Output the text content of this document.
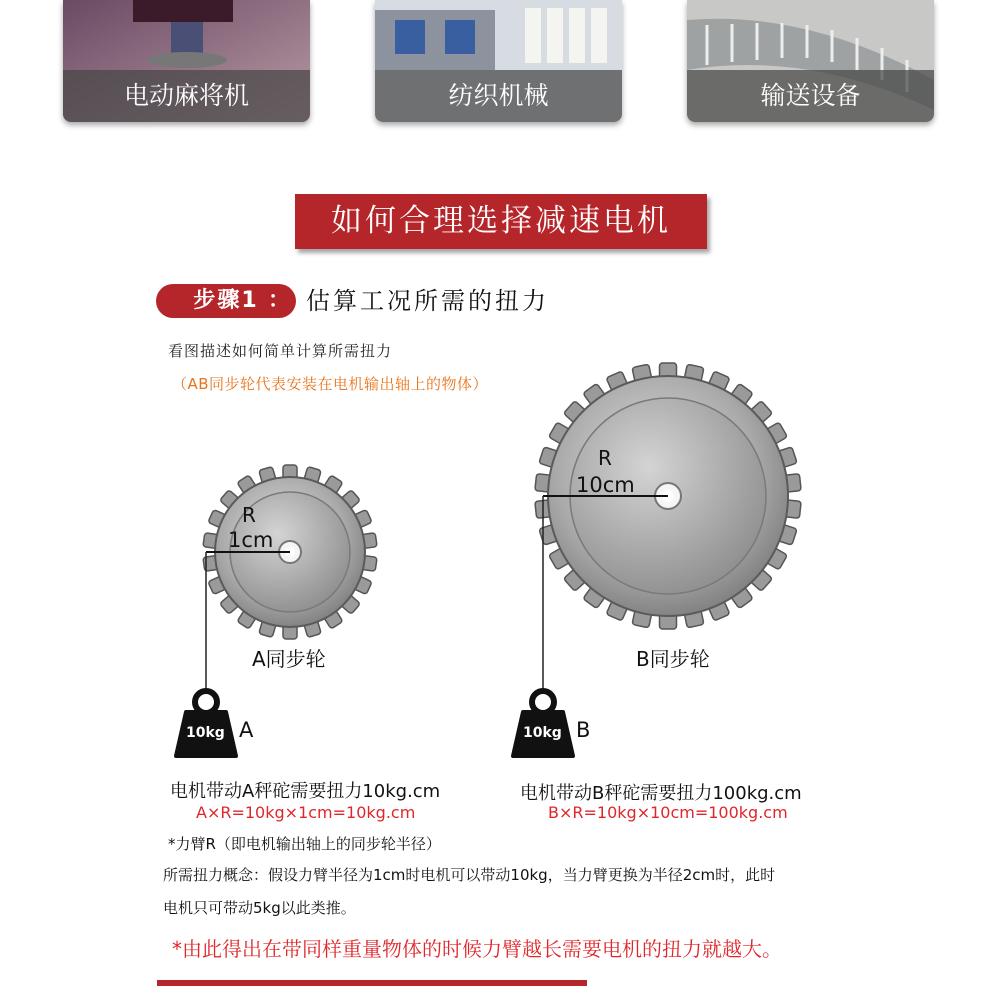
电动麻将机	纺织机械	输送设备
如何合理选择减速电机
步骤1 ： 估算工况所需的扭力
看图描述如何简单计算所需扭力
（AB同步轮代表安装在电机输出轴上的物体）
R
1cm
A同步轮
10kg A
R
10cm
B同步轮
10kg B
电机带动A秤砣需要扭力10kg.cm
A×R=10kg×1cm=10kg.cm
电机带动B秤砣需要扭力100kg.cm
B×R=10kg×10cm=100kg.cm
*力臂R（即电机输出轴上的同步轮半径）
所需扭力概念：假设力臂半径为1cm时电机可以带动10kg，当力臂更换为半径2cm时，此时
电机只可带动5kg以此类推。
*由此得出在带同样重量物体的时候力臂越长需要电机的扭力就越大。
